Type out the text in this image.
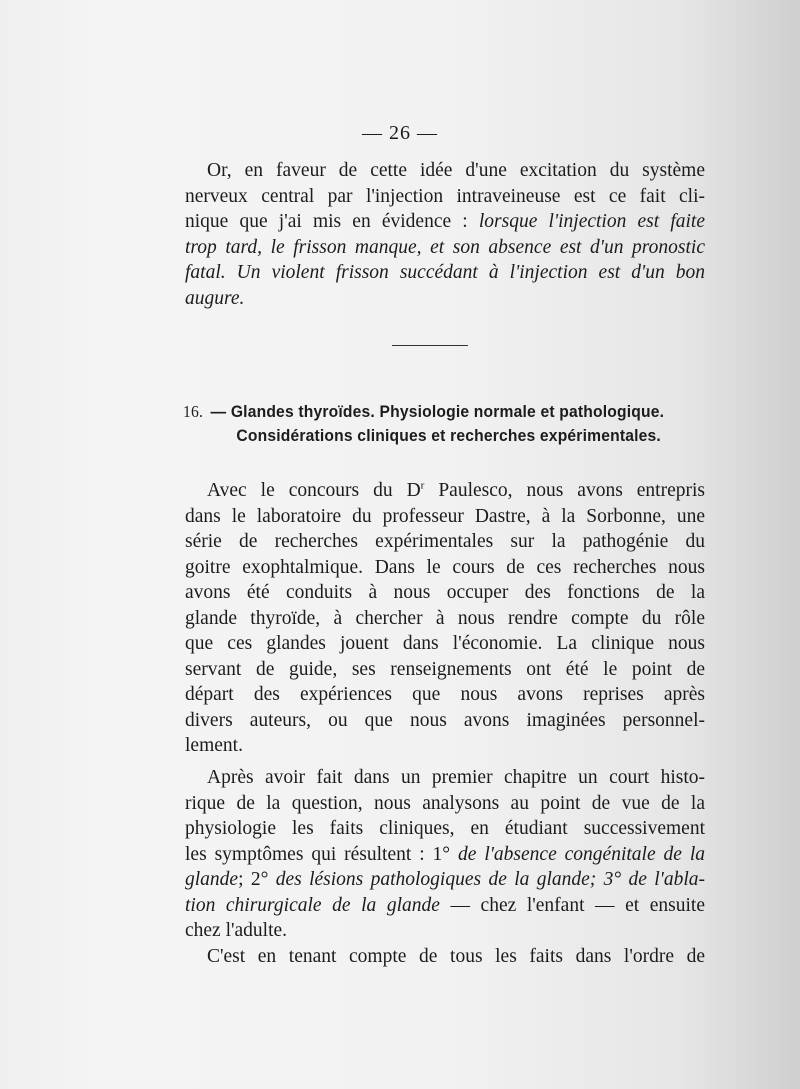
— 26 —
Or, en faveur de cette idée d'une excitation du système
nerveux central par l'injection intraveineuse est ce fait cli-
nique que j'ai mis en évidence : lorsque l'injection est faite
trop tard, le frisson manque, et son absence est d'un pronostic
fatal. Un violent frisson succédant à l'injection est d'un bon
augure.
16. — Glandes thyroïdes. Physiologie normale et pathologique.
Considérations cliniques et recherches expérimentales.
Avec le concours du $D^r$ Paulesco, nous avons entrepris
dans le laboratoire du professeur Dastre, à la Sorbonne, une
série de recherches expérimentales sur la pathogénie du
goitre exophtalmique. Dans le cours de ces recherches nous
avons été conduits à nous occuper des fonctions de la
glande thyroïde, à chercher à nous rendre compte du rôle
que ces glandes jouent dans l'économie. La clinique nous
servant de guide, ses renseignements ont été le point de
départ des expériences que nous avons reprises après
divers auteurs, ou que nous avons imaginées personnel-
lement.
Après avoir fait dans un premier chapitre un court histo-
rique de la question, nous analysons au point de vue de la
physiologie les faits cliniques, en étudiant successivement
les symptômes qui résultent : 1° de l'absence congénitale de la
glande; 2° des lésions pathologiques de la glande; 3° de l'abla-
tion chirurgicale de la glande — chez l'enfant — et ensuite
chez l'adulte.
C'est en tenant compte de tous les faits dans l'ordre de
